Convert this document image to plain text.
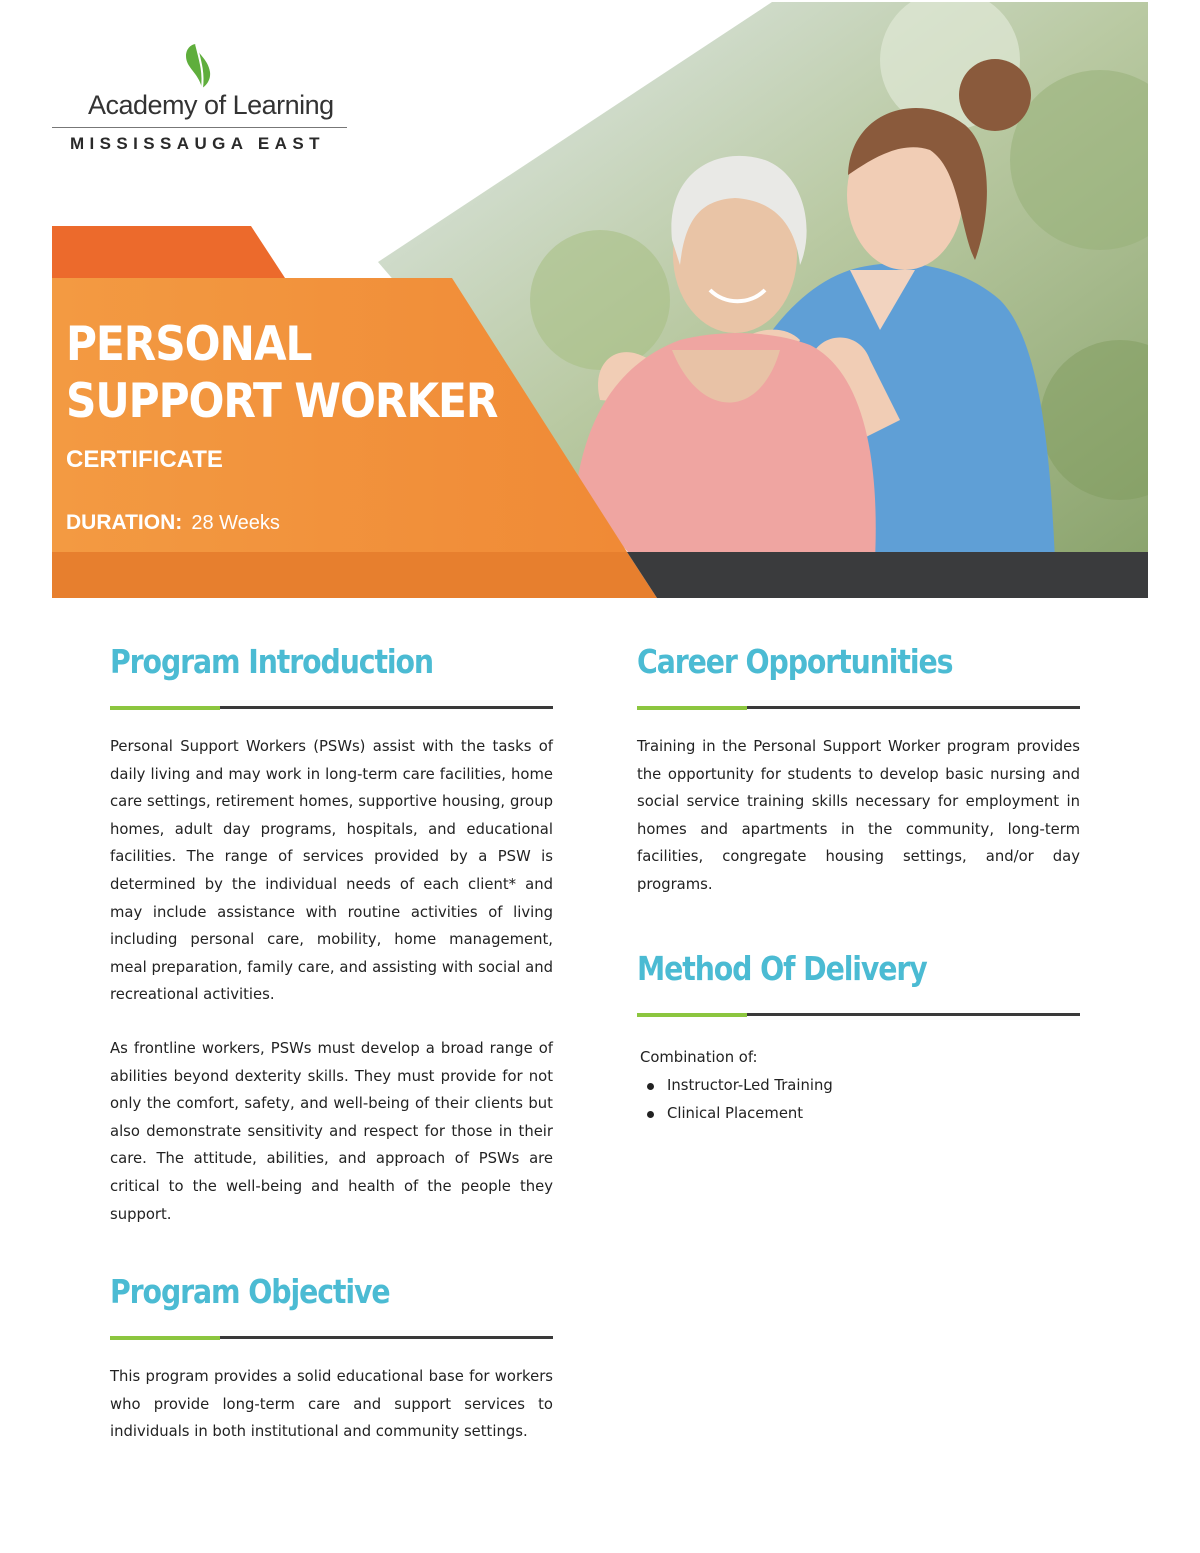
Academy of Learning
MISSISSAUGA EAST
PERSONAL
SUPPORT WORKER
CERTIFICATE
DURATION: 28 Weeks
Program Introduction

Personal Support Workers (PSWs) assist with the tasks of daily living and may work in long-term care facilities, home care settings, retirement homes, supportive housing, group homes, adult day programs, hospitals, and educational facilities. The range of services provided by a PSW is determined by the individual needs of each client* and may include assistance with routine activities of living including personal care, mobility, home management, meal preparation, family care, and assisting with social and recreational activities.

As frontline workers, PSWs must develop a broad range of abilities beyond dexterity skills. They must provide for not only the comfort, safety, and well-being of their clients but also demonstrate sensitivity and respect for those in their care. The attitude, abilities, and approach of PSWs are critical to the well-being and health of the people they support.

Program Objective

This program provides a solid educational base for workers who provide long-term care and support services to individuals in both institutional and community settings.

Career Opportunities

Training in the Personal Support Worker program provides the opportunity for students to develop basic nursing and social service training skills necessary for employment in homes and apartments in the community, long-term facilities, congregate housing settings, and/or day programs.

Method Of Delivery

Combination of:

Instructor-Led Training
Clinical Placement
